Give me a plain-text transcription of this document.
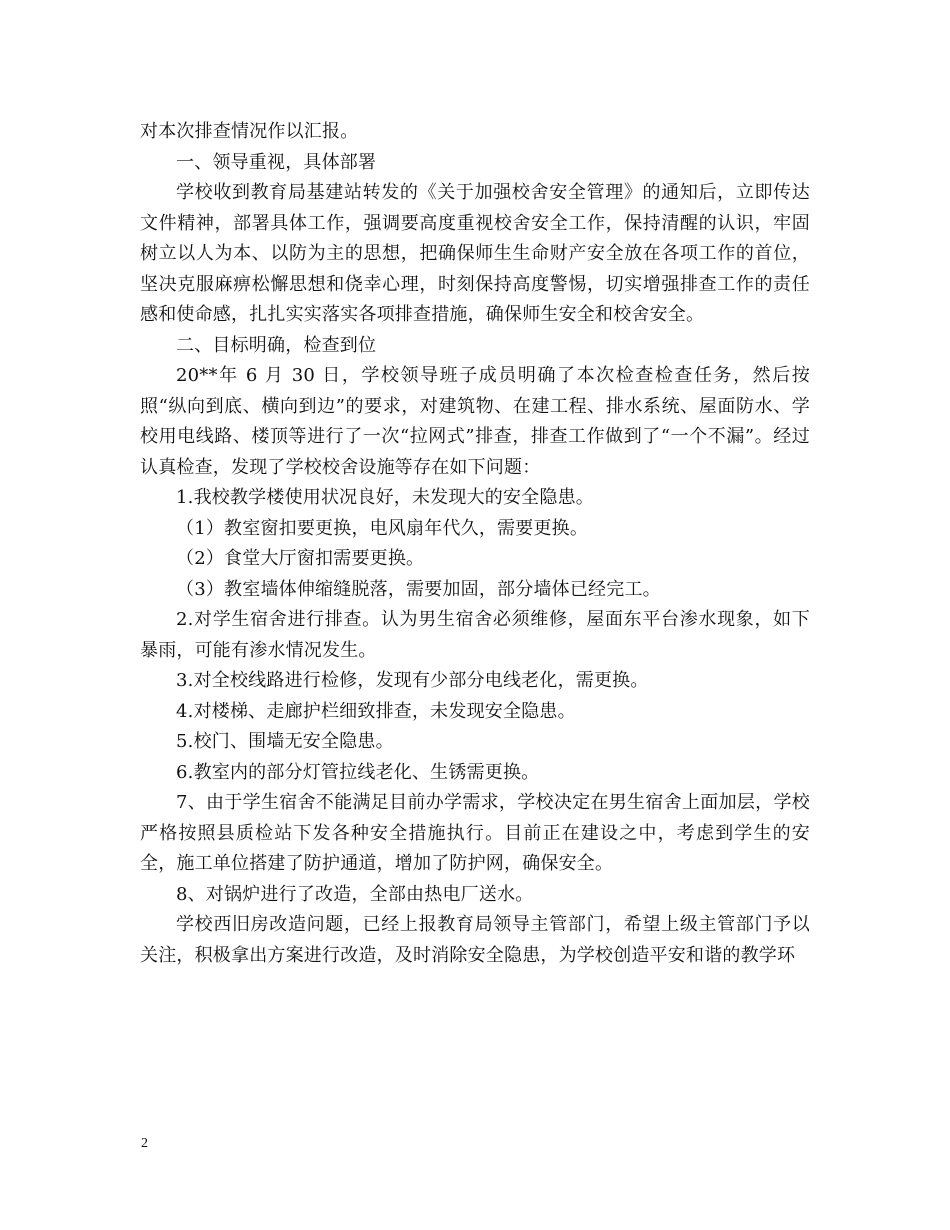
对本次排查情况作以汇报。

一、领导重视，具体部署

学校收到教育局基建站转发的《关于加强校舍安全管理》的通知后，立即传达文件精神，部署具体工作，强调要高度重视校舍安全工作，保持清醒的认识，牢固树立以人为本、以防为主的思想，把确保师生生命财产安全放在各项工作的首位，坚决克服麻痹松懈思想和侥幸心理，时刻保持高度警惕，切实增强排查工作的责任感和使命感，扎扎实实落实各项排查措施，确保师生安全和校舍安全。

二、目标明确，检查到位

20**年 6 月 30 日，学校领导班子成员明确了本次检查检查任务，然后按照“纵向到底、横向到边”的要求，对建筑物、在建工程、排水系统、屋面防水、学校用电线路、楼顶等进行了一次“拉网式”排查，排查工作做到了“一个不漏”。经过认真检查，发现了学校校舍设施等存在如下问题：

1.我校教学楼使用状况良好，未发现大的安全隐患。

（1）教室窗扣要更换，电风扇年代久，需要更换。

（2）食堂大厅窗扣需要更换。

（3）教室墙体伸缩缝脱落，需要加固，部分墙体已经完工。

2.对学生宿舍进行排查。认为男生宿舍必须维修，屋面东平台渗水现象，如下暴雨，可能有渗水情况发生。

3.对全校线路进行检修，发现有少部分电线老化，需更换。

4.对楼梯、走廊护栏细致排查，未发现安全隐患。

5.校门、围墙无安全隐患。

6.教室内的部分灯管拉线老化、生锈需更换。

7、由于学生宿舍不能满足目前办学需求，学校决定在男生宿舍上面加层，学校严格按照县质检站下发各种安全措施执行。目前正在建设之中，考虑到学生的安全，施工单位搭建了防护通道，增加了防护网，确保安全。

8、对锅炉进行了改造，全部由热电厂送水。

学校西旧房改造问题，已经上报教育局领导主管部门，希望上级主管部门予以关注，积极拿出方案进行改造，及时消除安全隐患，为学校创造平安和谐的教学环

2
